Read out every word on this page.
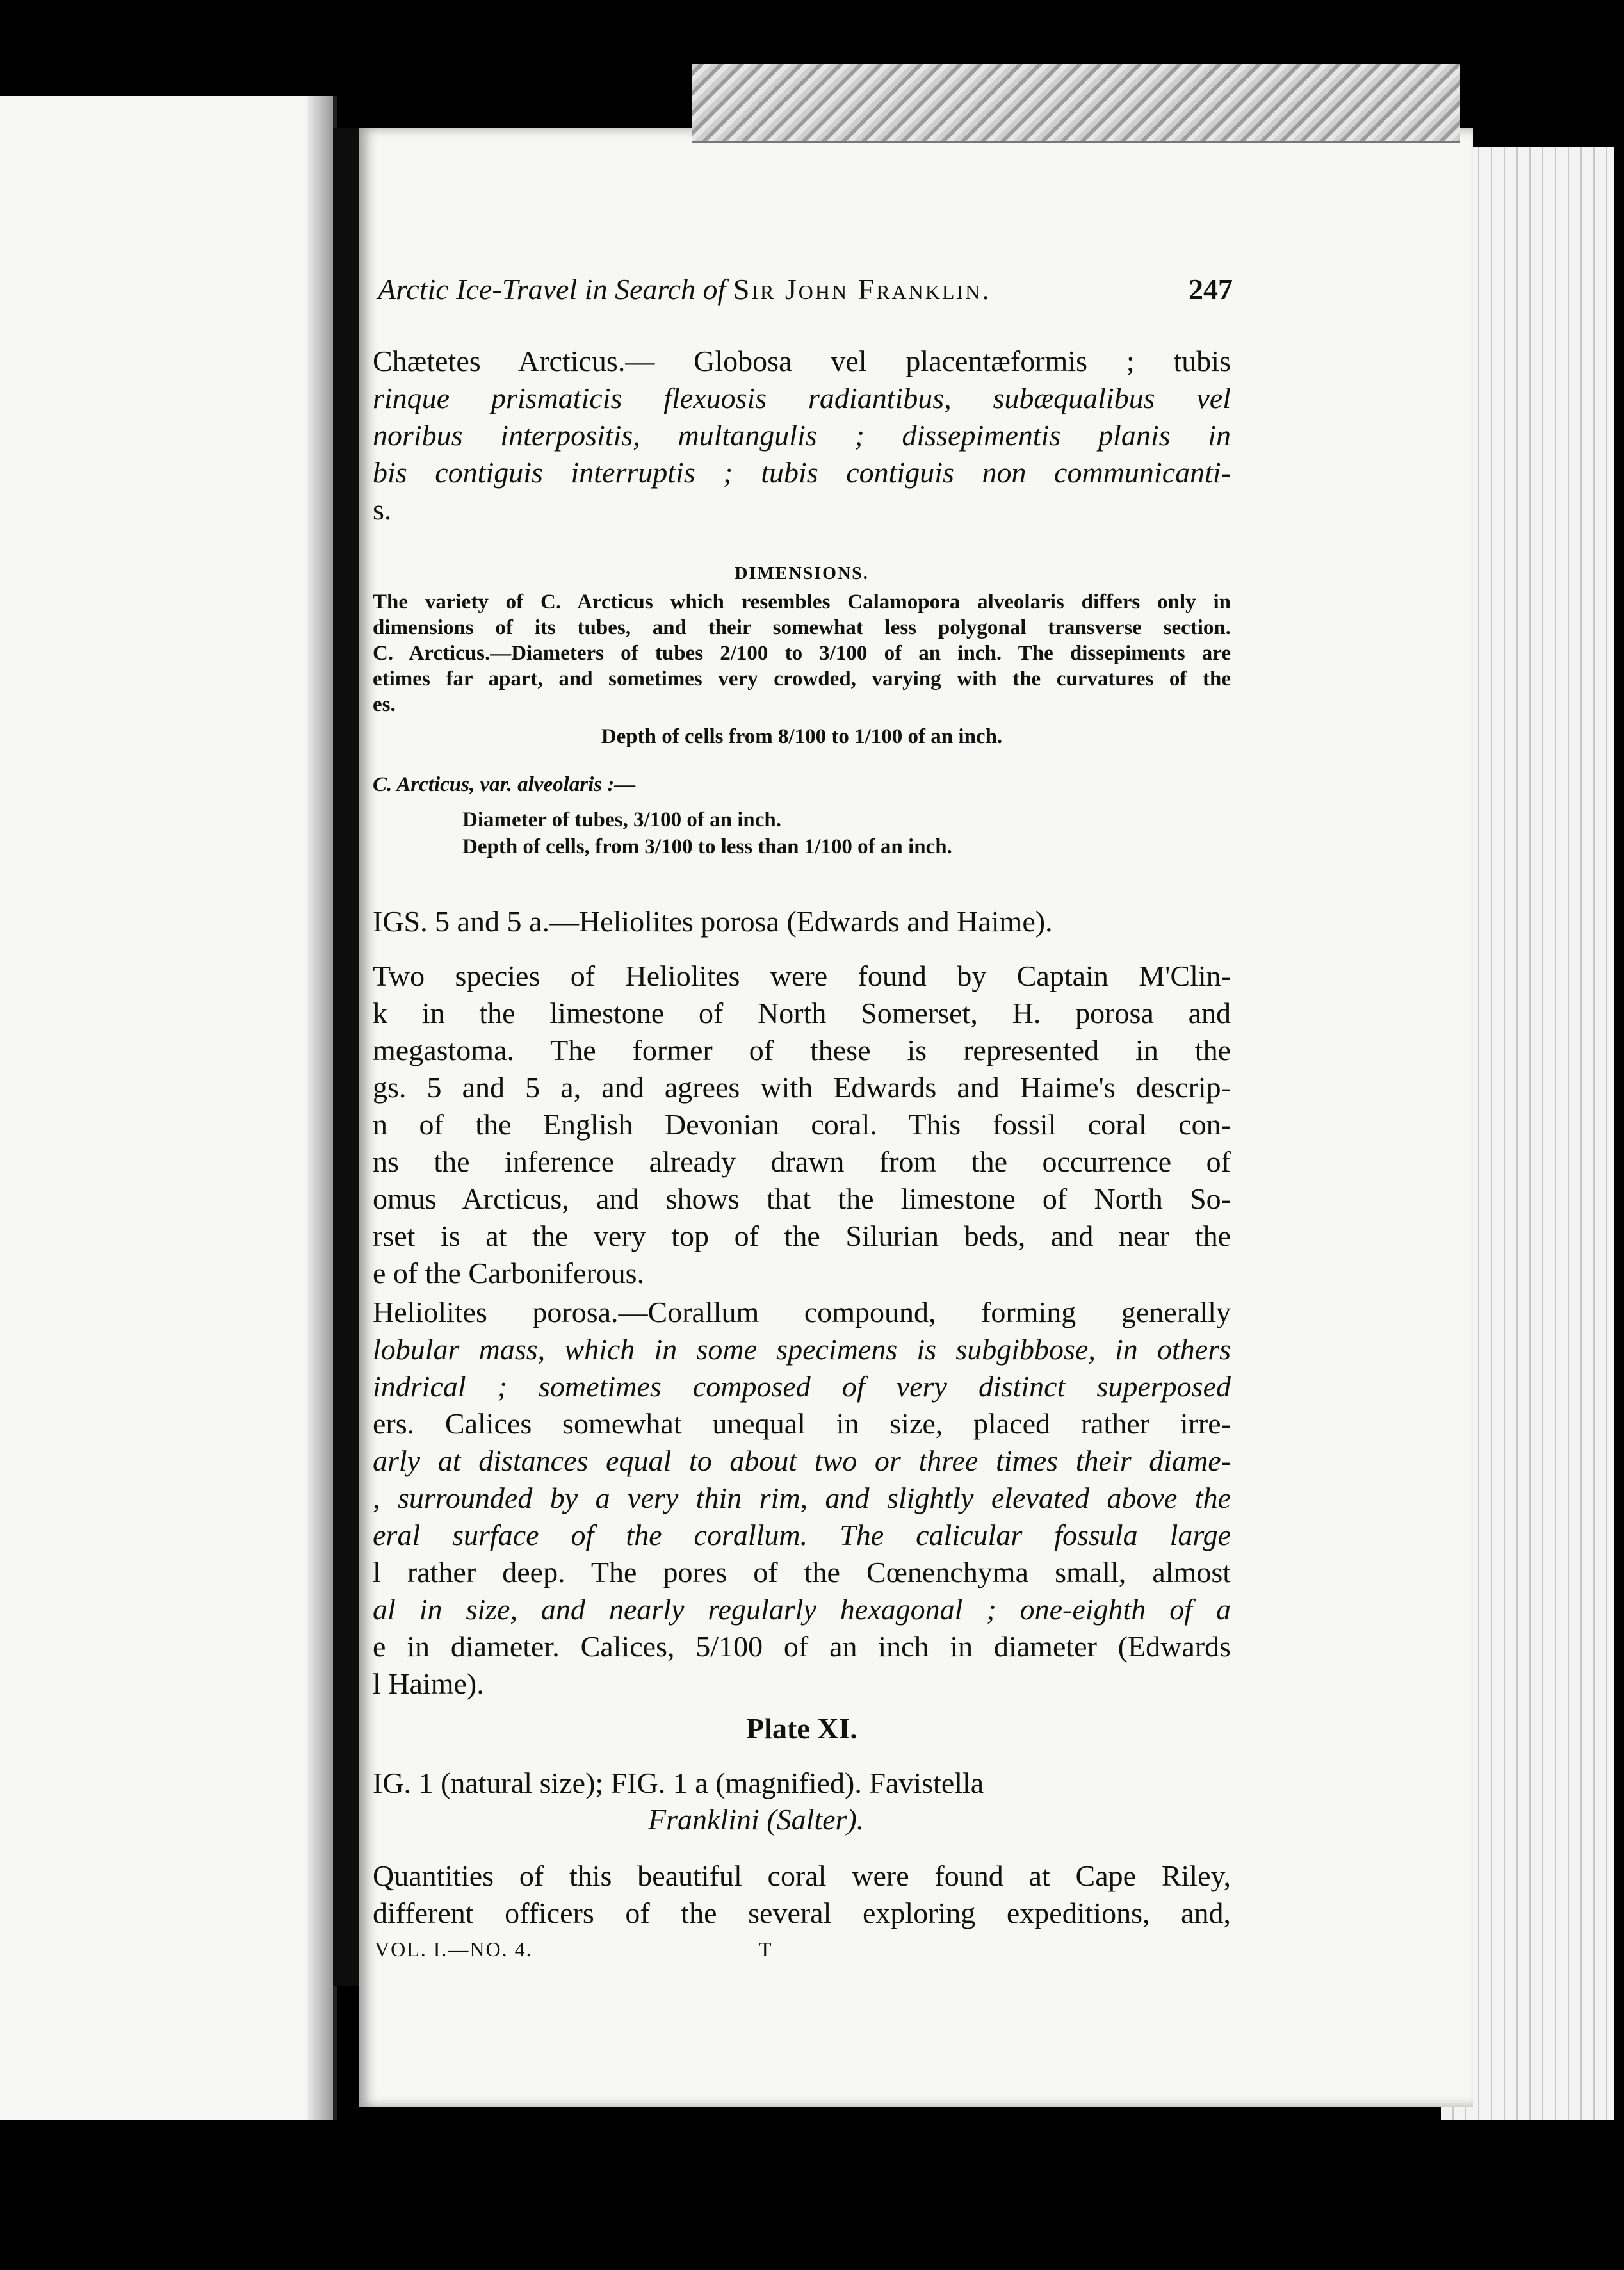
Arctic Ice-Travel in Search of Sir John Franklin.	247
Chætetes Arcticus.— Globosa vel placentæformis ; tubis
rinque prismaticis flexuosis radiantibus, subæqualibus vel
noribus interpositis, multangulis ; dissepimentis planis in
bis contiguis interruptis ; tubis contiguis non communicanti-
s.
DIMENSIONS.
The variety of C. Arcticus which resembles Calamopora alveolaris differs only in
dimensions of its tubes, and their somewhat less polygonal transverse section.
C. Arcticus.—Diameters of tubes 2/100 to 3/100 of an inch. The dissepiments are
etimes far apart, and sometimes very crowded, varying with the curvatures of the
es.
Depth of cells from 8/100 to 1/100 of an inch.
C. Arcticus, var. alveolaris :—
Diameter of tubes, 3/100 of an inch.
Depth of cells, from 3/100 to less than 1/100 of an inch.
IGS. 5 and 5 a.—Heliolites porosa (Edwards and Haime).
Two species of Heliolites were found by Captain M'Clin-
k in the limestone of North Somerset, H. porosa and
megastoma. The former of these is represented in the
gs. 5 and 5 a, and agrees with Edwards and Haime's descrip-
n of the English Devonian coral. This fossil coral con-
ns the inference already drawn from the occurrence of
omus Arcticus, and shows that the limestone of North So-
rset is at the very top of the Silurian beds, and near the
e of the Carboniferous.
Heliolites porosa.—Corallum compound, forming generally
lobular mass, which in some specimens is subgibbose, in others
indrical ; sometimes composed of very distinct superposed
ers. Calices somewhat unequal in size, placed rather irre-
arly at distances equal to about two or three times their diame-
, surrounded by a very thin rim, and slightly elevated above the
eral surface of the corallum. The calicular fossula large
l rather deep. The pores of the Cœnenchyma small, almost
al in size, and nearly regularly hexagonal ; one-eighth of a
e in diameter. Calices, 5/100 of an inch in diameter (Edwards
l Haime).
Plate XI.
IG. 1 (natural size); FIG. 1 a (magnified). Favistella
Franklini (Salter).
Quantities of this beautiful coral were found at Cape Riley,
different officers of the several exploring expeditions, and,
VOL. I.—NO. 4.	T
